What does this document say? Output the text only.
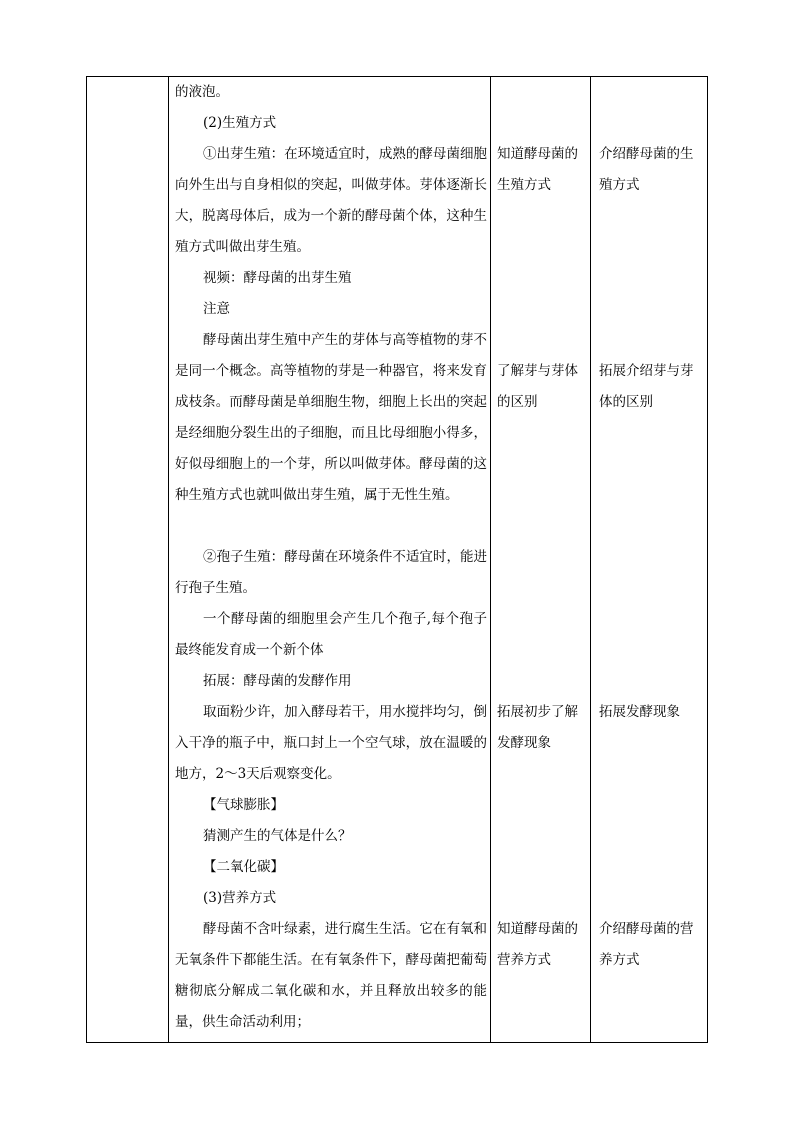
的液泡。

(2)生殖方式

①出芽生殖：在环境适宜时，成熟的酵母菌细胞向外生出与自身相似的突起，叫做芽体。芽体逐渐长大，脱离母体后，成为一个新的酵母菌个体，这种生殖方式叫做出芽生殖。

视频：酵母菌的出芽生殖

注意

酵母菌出芽生殖中产生的芽体与高等植物的芽不是同一个概念。高等植物的芽是一种器官，将来发育成枝条。而酵母菌是单细胞生物，细胞上长出的突起是经细胞分裂生出的子细胞，而且比母细胞小得多，好似母细胞上的一个芽，所以叫做芽体。酵母菌的这种生殖方式也就叫做出芽生殖，属于无性生殖。

②孢子生殖：酵母菌在环境条件不适宜时，能进行孢子生殖。

一个酵母菌的细胞里会产生几个孢子,每个孢子最终能发育成一个新个体

拓展：酵母菌的发酵作用

取面粉少许，加入酵母若干，用水搅拌均匀，倒入干净的瓶子中，瓶口封上一个空气球，放在温暖的地方，2～3天后观察变化。

【气球膨胀】

猜测产生的气体是什么？

【二氧化碳】

(3)营养方式

酵母菌不含叶绿素，进行腐生生活。它在有氧和无氧条件下都能生活。在有氧条件下，酵母菌把葡萄糖彻底分解成二氧化碳和水，并且释放出较多的能量，供生命活动利用；

知道酵母菌的生殖方式

了解芽与芽体的区别

拓展初步了解发酵现象

知道酵母菌的营养方式

介绍酵母菌的生殖方式

拓展介绍芽与芽体的区别

拓展发酵现象

介绍酵母菌的营养方式
